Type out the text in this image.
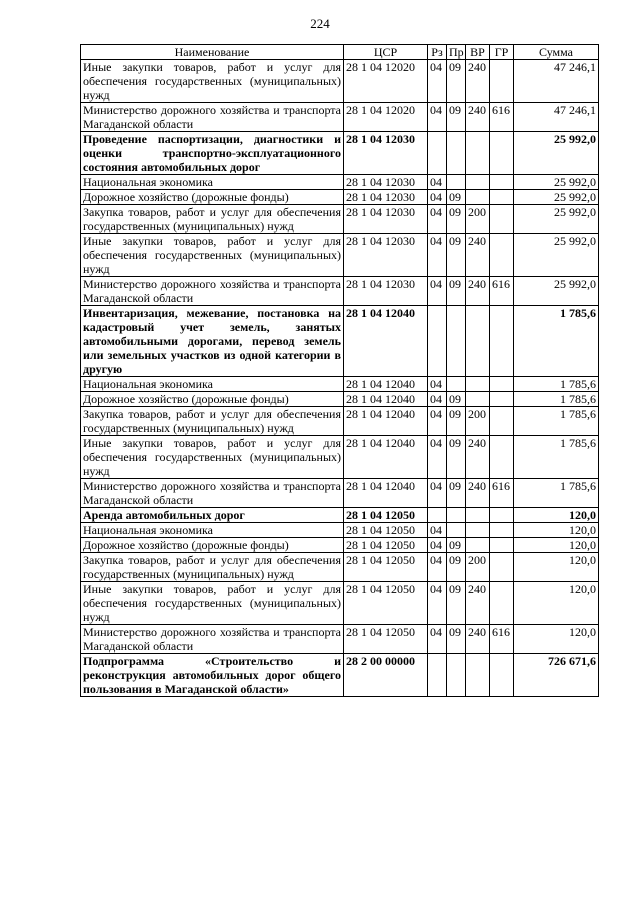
224
Наименование	ЦСР	Рз	Пр	ВР	ГР	Сумма
Иные закупки товаров, работ и услуг для обеспечения государственных (муниципальных) нужд	28 1 04 12020	04	09	240		47 246,1
Министерство дорожного хозяйства и транспорта Магаданской области	28 1 04 12020	04	09	240	616	47 246,1
Проведение паспортизации, диагностики и оценки транспортно-эксплуатационного состояния автомобильных дорог	28 1 04 12030					25 992,0
Национальная экономика	28 1 04 12030	04				25 992,0
Дорожное хозяйство (дорожные фонды)	28 1 04 12030	04	09			25 992,0
Закупка товаров, работ и услуг для обеспечения государственных (муниципальных) нужд	28 1 04 12030	04	09	200		25 992,0
Иные закупки товаров, работ и услуг для обеспечения государственных (муниципальных) нужд	28 1 04 12030	04	09	240		25 992,0
Министерство дорожного хозяйства и транспорта Магаданской области	28 1 04 12030	04	09	240	616	25 992,0
Инвентаризация, межевание, постановка на кадастровый учет земель, занятых автомобильными дорогами, перевод земель или земельных участков из одной категории в другую	28 1 04 12040					1 785,6
Национальная экономика	28 1 04 12040	04				1 785,6
Дорожное хозяйство (дорожные фонды)	28 1 04 12040	04	09			1 785,6
Закупка товаров, работ и услуг для обеспечения государственных (муниципальных) нужд	28 1 04 12040	04	09	200		1 785,6
Иные закупки товаров, работ и услуг для обеспечения государственных (муниципальных) нужд	28 1 04 12040	04	09	240		1 785,6
Министерство дорожного хозяйства и транспорта Магаданской области	28 1 04 12040	04	09	240	616	1 785,6
Аренда автомобильных дорог	28 1 04 12050					120,0
Национальная экономика	28 1 04 12050	04				120,0
Дорожное хозяйство (дорожные фонды)	28 1 04 12050	04	09			120,0
Закупка товаров, работ и услуг для обеспечения государственных (муниципальных) нужд	28 1 04 12050	04	09	200		120,0
Иные закупки товаров, работ и услуг для обеспечения государственных (муниципальных) нужд	28 1 04 12050	04	09	240		120,0
Министерство дорожного хозяйства и транспорта Магаданской области	28 1 04 12050	04	09	240	616	120,0
Подпрограмма «Строительство и реконструкция автомобильных дорог общего пользования в Магаданской области»	28 2 00 00000					726 671,6
